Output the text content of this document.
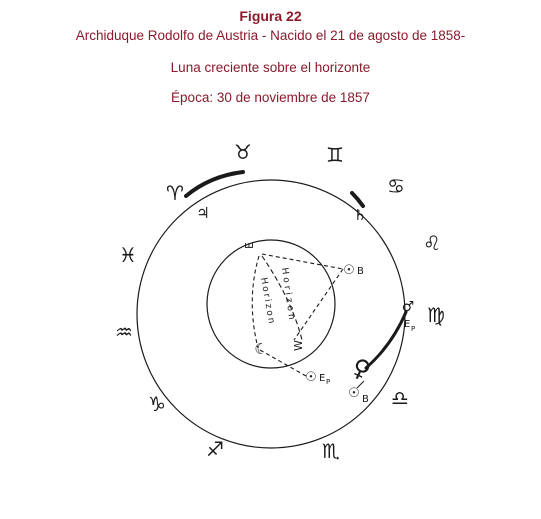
Figura 22

Archiduque Rodolfo de Austria - Nacido el 21 de agosto de 1858-

Luna creciente sobre el horizonte

Época: 30 de noviembre de 1857

♈
♉	♊
♋
♌
♍
♎
♏
♐
♑
♒
♓
♃	♄
♂
♀
E P
☉ B
E
W
Horizon Horizon	☉ B
☾
☉ E P
